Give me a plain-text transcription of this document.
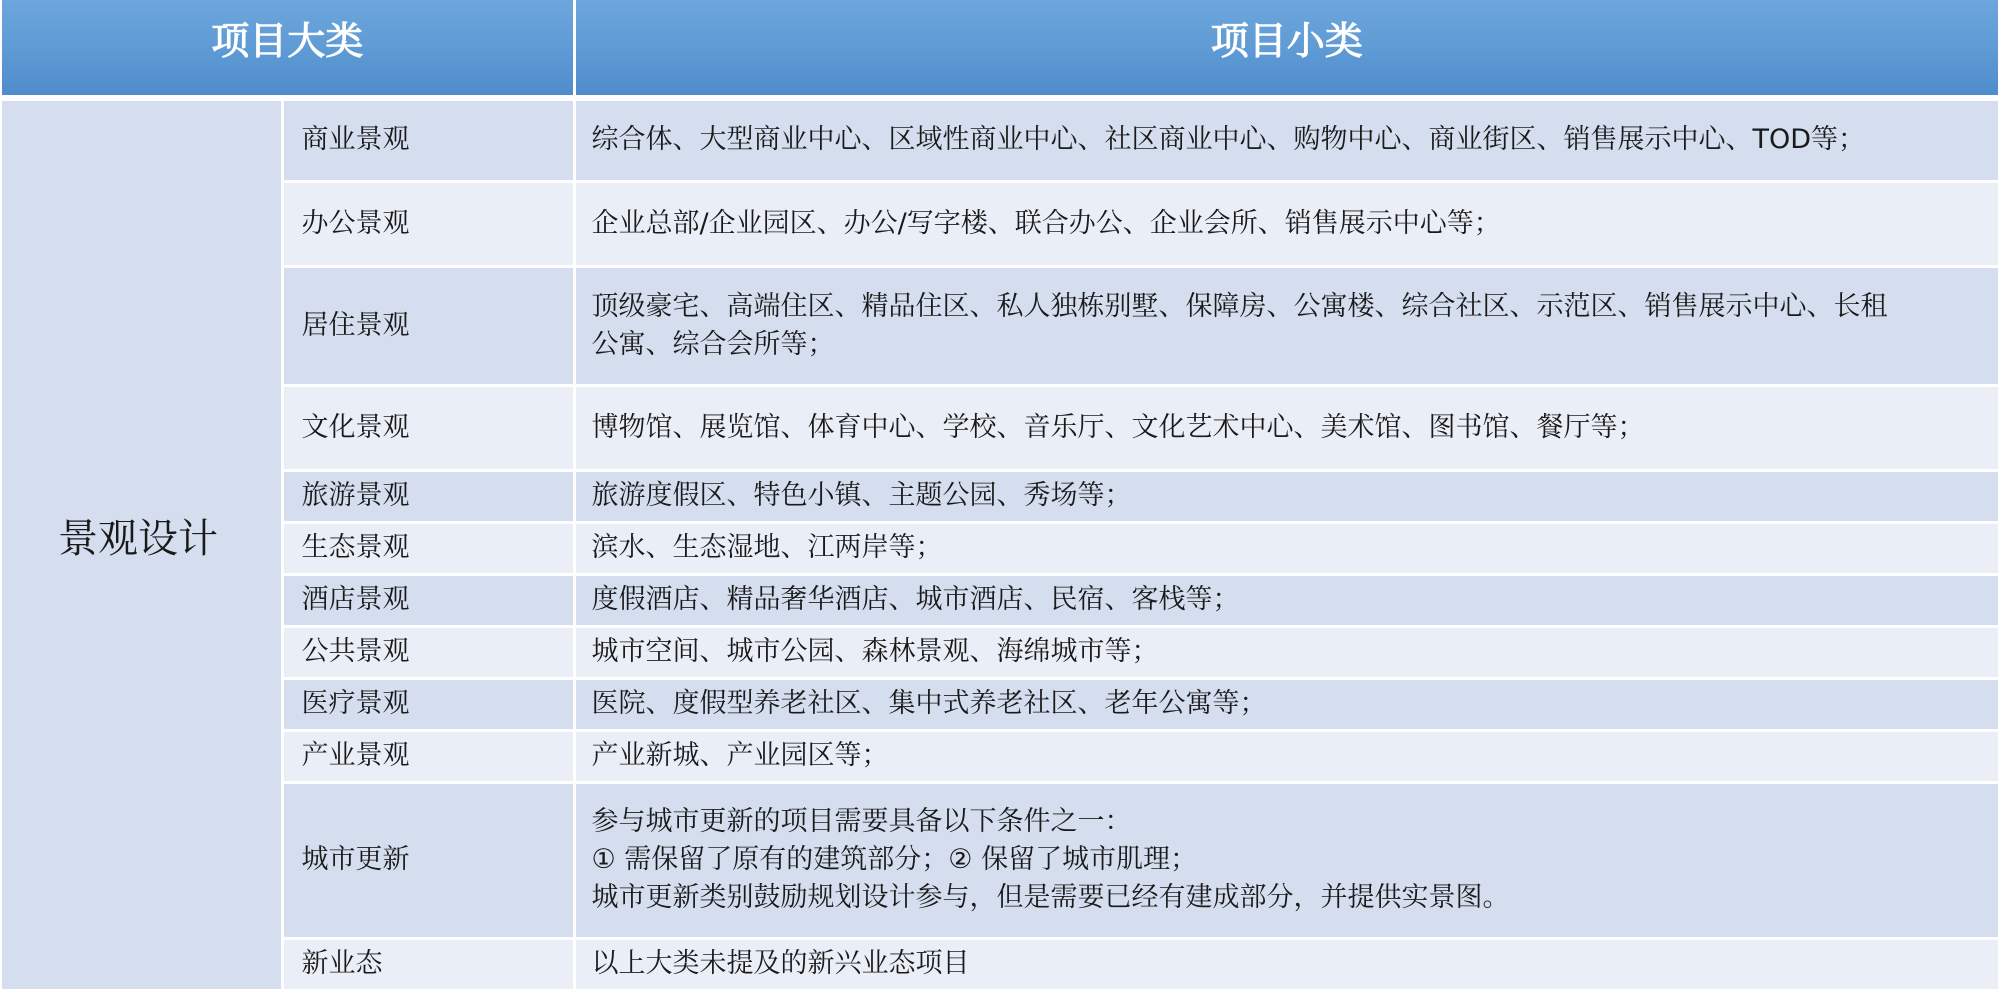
项目大类		项目小类
景观设计	商业景观	综合体、大型商业中心、区域性商业中心、社区商业中心、购物中心、商业街区、销售展示中心、TOD等；

	办公景观	企业总部/企业园区、办公/写字楼、联合办公、企业会所、销售展示中心等；

	居住景观	顶级豪宅、高端住区、精品住区、私人独栋别墅、保障房、公寓楼、综合社区、示范区、销售展示中心、长租
公寓、综合会所等；

	文化景观	博物馆、展览馆、体育中心、学校、音乐厅、文化艺术中心、美术馆、图书馆、餐厅等；

	旅游景观	旅游度假区、特色小镇、主题公园、秀场等；

	生态景观	滨水、生态湿地、江两岸等；

	酒店景观	度假酒店、精品奢华酒店、城市酒店、民宿、客栈等；

	公共景观	城市空间、城市公园、森林景观、海绵城市等；

	医疗景观	医院、度假型养老社区、集中式养老社区、老年公寓等；

	产业景观	产业新城、产业园区等；

	城市更新	参与城市更新的项目需要具备以下条件之一：
① 需保留了原有的建筑部分；② 保留了城市肌理；
城市更新类别鼓励规划设计参与，但是需要已经有建成部分，并提供实景图。

	新业态	以上大类未提及的新兴业态项目
